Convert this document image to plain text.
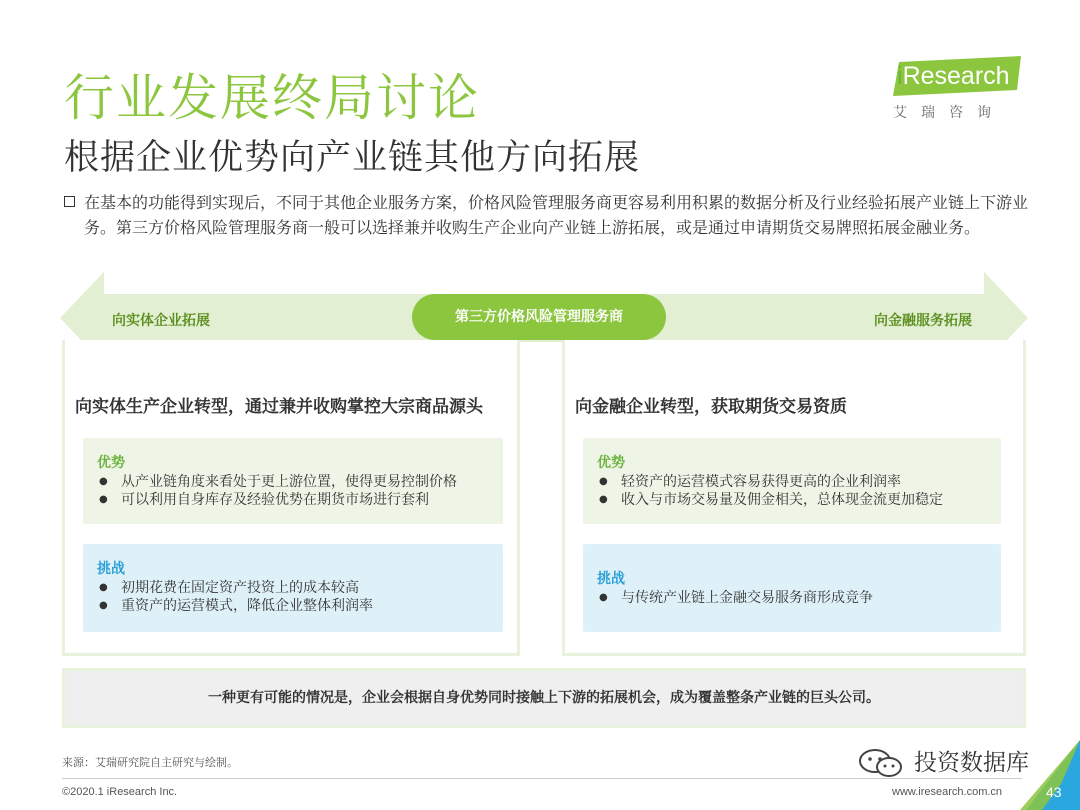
行业发展终局讨论
根据企业优势向产业链其他方向拓展
iResearch
艾瑞咨询
在基本的功能得到实现后，不同于其他企业服务方案，价格风险管理服务商更容易利用积累的数据分析及行业经验拓展产业链上下游业务。第三方价格风险管理服务商一般可以选择兼并收购生产企业向产业链上游拓展，或是通过申请期货交易牌照拓展金融业务。
向实体企业拓展	向金融服务拓展
向实体生产企业转型，通过兼并收购掌控大宗商品源头
优势
● 从产业链角度来看处于更上游位置，使得更易控制价格
● 可以利用自身库存及经验优势在期货市场进行套利
挑战
● 初期花费在固定资产投资上的成本较高
● 重资产的运营模式，降低企业整体利润率
向金融企业转型，获取期货交易资质
优势
● 轻资产的运营模式容易获得更高的企业利润率
● 收入与市场交易量及佣金相关，总体现金流更加稳定
挑战
● 与传统产业链上金融交易服务商形成竞争
第三方价格风险管理服务商
一种更有可能的情况是，企业会根据自身优势同时接触上下游的拓展机会，成为覆盖整条产业链的巨头公司。
来源：艾瑞研究院自主研究与绘制。
©2020.1 iResearch Inc.	www.iresearch.com.cn
投资数据库
43
